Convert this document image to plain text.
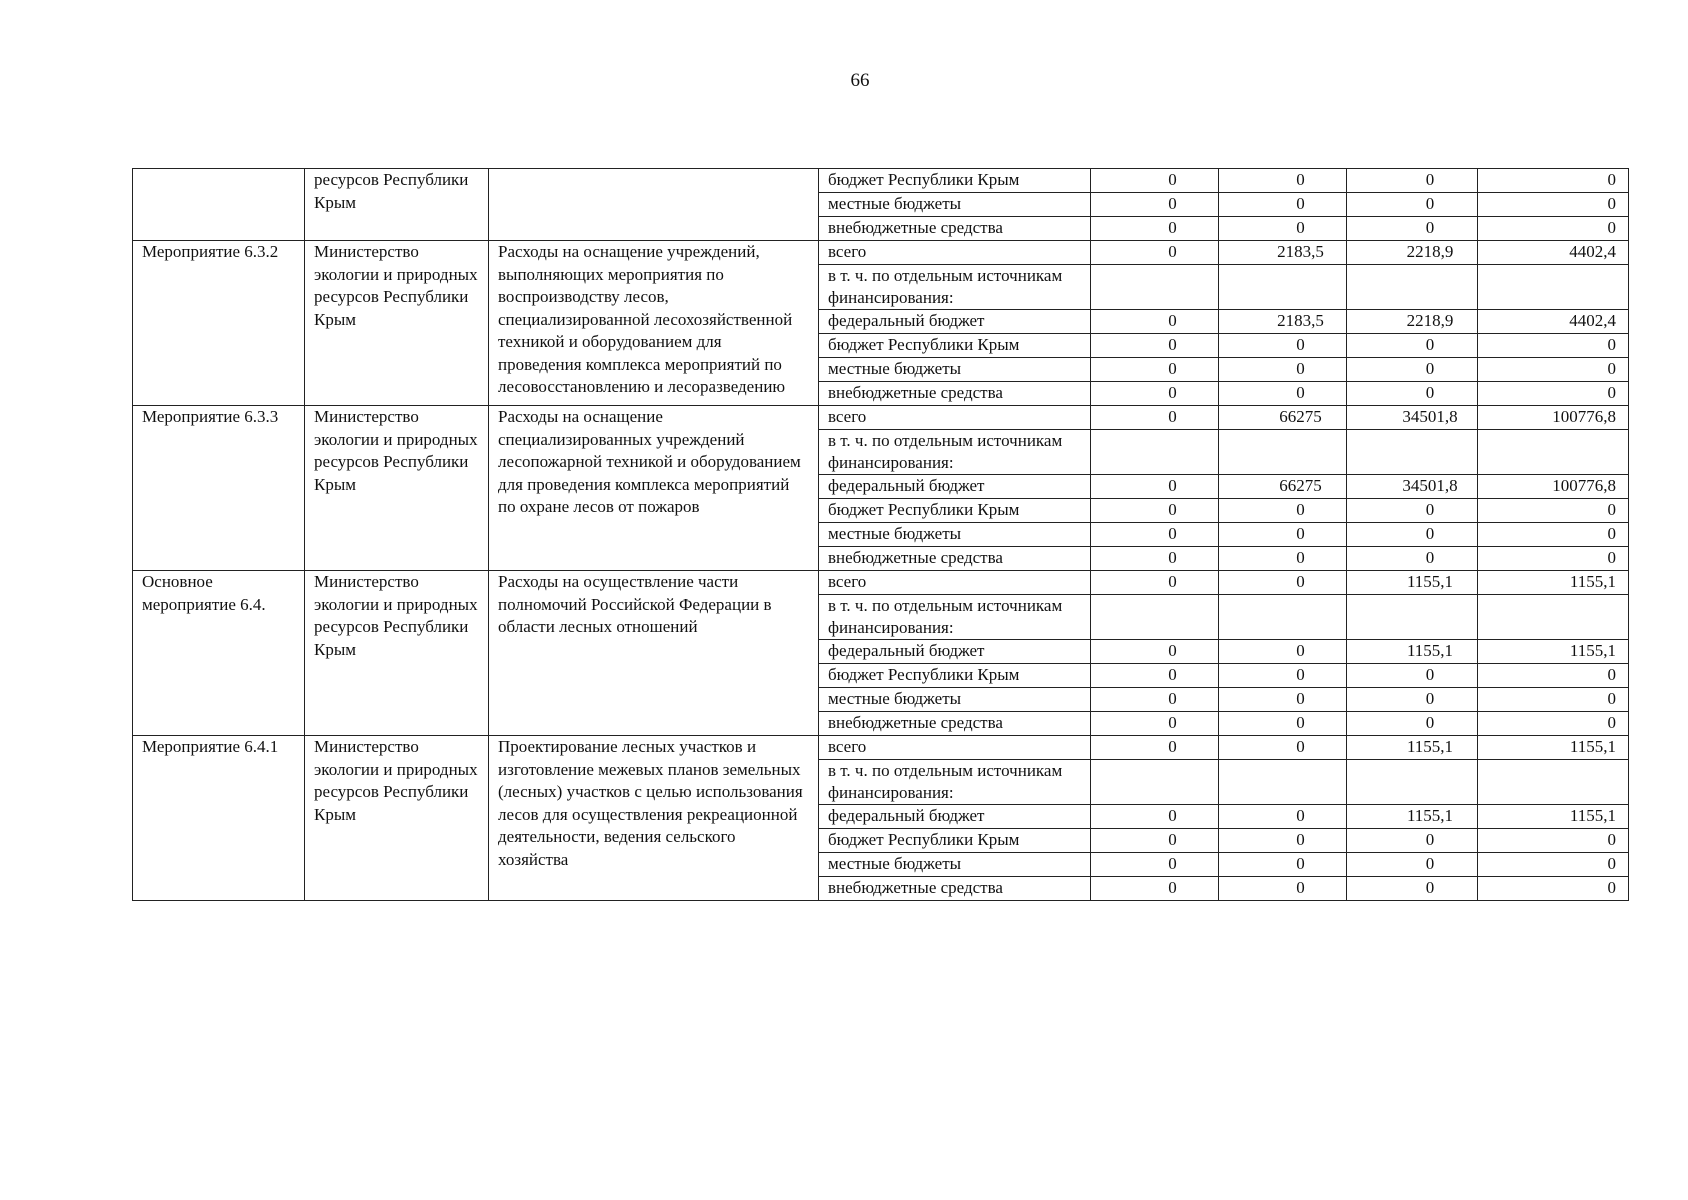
66
	ресурсов Республики Крым		бюджет Республики Крым	0	0	0	0
			местные бюджеты	0	0	0	0
			внебюджетные средства	0	0	0	0
Мероприятие 6.3.2	Министерство экологии и природных ресурсов Республики Крым	Расходы на оснащение учреждений, выполняющих мероприятия по воспроизводству лесов, специализированной лесохозяйственной техникой и оборудованием для проведения комплекса мероприятий по лесовосстановлению и лесоразведению	всего	0	2183,5	2218,9	4402,4
			в т. ч. по отдельным источникам финансирования:				
			федеральный бюджет	0	2183,5	2218,9	4402,4
			бюджет Республики Крым	0	0	0	0
			местные бюджеты	0	0	0	0
			внебюджетные средства	0	0	0	0
Мероприятие 6.3.3	Министерство экологии и природных ресурсов Республики Крым	Расходы на оснащение специализированных учреждений лесопожарной техникой и оборудованием для проведения комплекса мероприятий по охране лесов от пожаров	всего	0	66275	34501,8	100776,8
			в т. ч. по отдельным источникам финансирования:				
			федеральный бюджет	0	66275	34501,8	100776,8
			бюджет Республики Крым	0	0	0	0
			местные бюджеты	0	0	0	0
			внебюджетные средства	0	0	0	0
Основное мероприятие 6.4.	Министерство экологии и природных ресурсов Республики Крым	Расходы на осуществление части полномочий Российской Федерации в области лесных отношений	всего	0	0	1155,1	1155,1
			в т. ч. по отдельным источникам финансирования:				
			федеральный бюджет	0	0	1155,1	1155,1
			бюджет Республики Крым	0	0	0	0
			местные бюджеты	0	0	0	0
			внебюджетные средства	0	0	0	0
Мероприятие 6.4.1	Министерство экологии и природных ресурсов Республики Крым	Проектирование лесных участков и изготовление межевых планов земельных (лесных) участков с целью использования лесов для осуществления рекреационной деятельности, ведения сельского хозяйства	всего	0	0	1155,1	1155,1
			в т. ч. по отдельным источникам финансирования:				
			федеральный бюджет	0	0	1155,1	1155,1
			бюджет Республики Крым	0	0	0	0
			местные бюджеты	0	0	0	0
			внебюджетные средства	0	0	0	0
